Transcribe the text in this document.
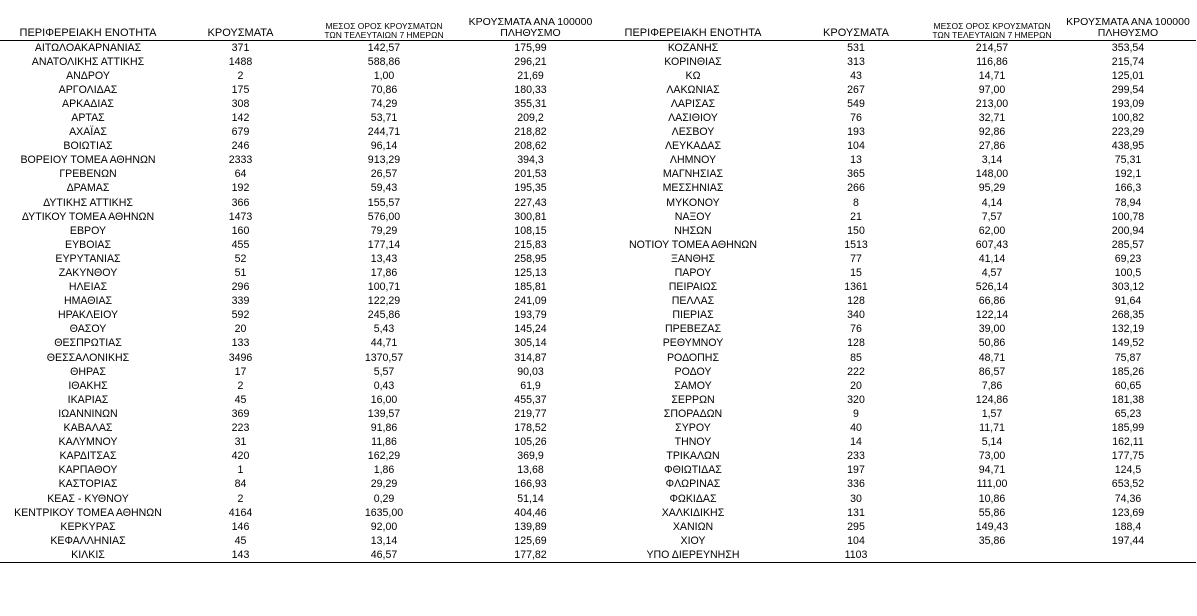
ΠΕΡΙΦΕΡΕΙΑΚΗ ΕΝΟΤΗΤΑ	ΚΡΟΥΣΜΑΤΑ	ΜΕΣΟΣ ΟΡΟΣ ΚΡΟΥΣΜΑΤΩΝ
ΤΩΝ ΤΕΛΕΥΤΑΙΩΝ 7 ΗΜΕΡΩΝ	ΚΡΟΥΣΜΑΤΑ ΑΝΑ 100000
ΠΛΗΘΥΣΜΟ
ΑΙΤΩΛΟΑΚΑΡΝΑΝΙΑΣ	371	142,57	175,99
ΑΝΑΤΟΛΙΚΗΣ ΑΤΤΙΚΗΣ	1488	588,86	296,21
ΑΝΔΡΟΥ	2	1,00	21,69
ΑΡΓΟΛΙΔΑΣ	175	70,86	180,33
ΑΡΚΑΔΙΑΣ	308	74,29	355,31
ΑΡΤΑΣ	142	53,71	209,2
ΑΧΑΪΑΣ	679	244,71	218,82
ΒΟΙΩΤΙΑΣ	246	96,14	208,62
ΒΟΡΕΙΟΥ ΤΟΜΕΑ ΑΘΗΝΩΝ	2333	913,29	394,3
ΓΡΕΒΕΝΩΝ	64	26,57	201,53
ΔΡΑΜΑΣ	192	59,43	195,35
ΔΥΤΙΚΗΣ ΑΤΤΙΚΗΣ	366	155,57	227,43
ΔΥΤΙΚΟΥ ΤΟΜΕΑ ΑΘΗΝΩΝ	1473	576,00	300,81
ΕΒΡΟΥ	160	79,29	108,15
ΕΥΒΟΙΑΣ	455	177,14	215,83
ΕΥΡΥΤΑΝΙΑΣ	52	13,43	258,95
ΖΑΚΥΝΘΟΥ	51	17,86	125,13
ΗΛΕΙΑΣ	296	100,71	185,81
ΗΜΑΘΙΑΣ	339	122,29	241,09
ΗΡΑΚΛΕΙΟΥ	592	245,86	193,79
ΘΑΣΟΥ	20	5,43	145,24
ΘΕΣΠΡΩΤΙΑΣ	133	44,71	305,14
ΘΕΣΣΑΛΟΝΙΚΗΣ	3496	1370,57	314,87
ΘΗΡΑΣ	17	5,57	90,03
ΙΘΑΚΗΣ	2	0,43	61,9
ΙΚΑΡΙΑΣ	45	16,00	455,37
ΙΩΑΝΝΙΝΩΝ	369	139,57	219,77
ΚΑΒΑΛΑΣ	223	91,86	178,52
ΚΑΛΥΜΝΟΥ	31	11,86	105,26
ΚΑΡΔΙΤΣΑΣ	420	162,29	369,9
ΚΑΡΠΑΘΟΥ	1	1,86	13,68
ΚΑΣΤΟΡΙΑΣ	84	29,29	166,93
ΚΕΑΣ - ΚΥΘΝΟΥ	2	0,29	51,14
ΚΕΝΤΡΙΚΟΥ ΤΟΜΕΑ ΑΘΗΝΩΝ	4164	1635,00	404,46
ΚΕΡΚΥΡΑΣ	146	92,00	139,89
ΚΕΦΑΛΛΗΝΙΑΣ	45	13,14	125,69
ΚΙΛΚΙΣ	143	46,57	177,82
ΠΕΡΙΦΕΡΕΙΑΚΗ ΕΝΟΤΗΤΑ	ΚΡΟΥΣΜΑΤΑ	ΜΕΣΟΣ ΟΡΟΣ ΚΡΟΥΣΜΑΤΩΝ
ΤΩΝ ΤΕΛΕΥΤΑΙΩΝ 7 ΗΜΕΡΩΝ	ΚΡΟΥΣΜΑΤΑ ΑΝΑ 100000
ΠΛΗΘΥΣΜΟ
ΚΟΖΑΝΗΣ	531	214,57	353,54
ΚΟΡΙΝΘΙΑΣ	313	116,86	215,74
ΚΩ	43	14,71	125,01
ΛΑΚΩΝΙΑΣ	267	97,00	299,54
ΛΑΡΙΣΑΣ	549	213,00	193,09
ΛΑΣΙΘΙΟΥ	76	32,71	100,82
ΛΕΣΒΟΥ	193	92,86	223,29
ΛΕΥΚΑΔΑΣ	104	27,86	438,95
ΛΗΜΝΟΥ	13	3,14	75,31
ΜΑΓΝΗΣΙΑΣ	365	148,00	192,1
ΜΕΣΣΗΝΙΑΣ	266	95,29	166,3
ΜΥΚΟΝΟΥ	8	4,14	78,94
ΝΑΞΟΥ	21	7,57	100,78
ΝΗΣΩΝ	150	62,00	200,94
ΝΟΤΙΟΥ ΤΟΜΕΑ ΑΘΗΝΩΝ	1513	607,43	285,57
ΞΑΝΘΗΣ	77	41,14	69,23
ΠΑΡΟΥ	15	4,57	100,5
ΠΕΙΡΑΙΩΣ	1361	526,14	303,12
ΠΕΛΛΑΣ	128	66,86	91,64
ΠΙΕΡΙΑΣ	340	122,14	268,35
ΠΡΕΒΕΖΑΣ	76	39,00	132,19
ΡΕΘΥΜΝΟΥ	128	50,86	149,52
ΡΟΔΟΠΗΣ	85	48,71	75,87
ΡΟΔΟΥ	222	86,57	185,26
ΣΑΜΟΥ	20	7,86	60,65
ΣΕΡΡΩΝ	320	124,86	181,38
ΣΠΟΡΑΔΩΝ	9	1,57	65,23
ΣΥΡΟΥ	40	11,71	185,99
ΤΗΝΟΥ	14	5,14	162,11
ΤΡΙΚΑΛΩΝ	233	73,00	177,75
ΦΘΙΩΤΙΔΑΣ	197	94,71	124,5
ΦΛΩΡΙΝΑΣ	336	111,00	653,52
ΦΩΚΙΔΑΣ	30	10,86	74,36
ΧΑΛΚΙΔΙΚΗΣ	131	55,86	123,69
ΧΑΝΙΩΝ	295	149,43	188,4
ΧΙΟΥ	104	35,86	197,44
ΥΠΟ ΔΙΕΡΕΥΝΗΣΗ	1103		
